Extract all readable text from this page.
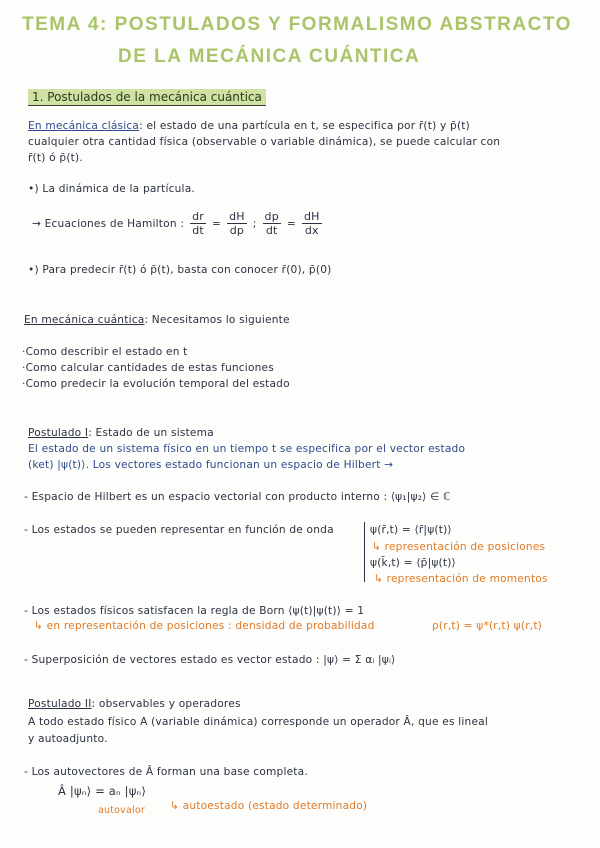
TEMA 4: POSTULADOS Y FORMALISMO ABSTRACTO
DE LA MECÁNICA CUÁNTICA
1. Postulados de la mecánica cuántica
En mecánica clásica: el estado de una partícula en t, se especifica por r̄(t) y p̄(t)
cualquier otra cantidad física (observable o variable dinámica), se puede calcular con
r̄(t) ó p̄(t).
•) La dinámica de la partícula.
→ Ecuaciones de Hamilton : $\frac{dr}{dt} = \frac{dH}{dp}$ ; $\frac{dp}{dt} = \frac{dH}{dx}$
•) Para predecir r̄(t) ó p̄(t), basta con conocer r̄(0), p̄(0)
En mecánica cuántica: Necesitamos lo siguiente
·Como describir el estado en t
·Como calcular cantidades de estas funciones
·Como predecir la evolución temporal del estado
Postulado I: Estado de un sistema
El estado de un sistema físico en un tiempo t se especifica por el vector estado
(ket) |ψ(t)⟩. Los vectores estado funcionan un espacio de Hilbert →
- Espacio de Hilbert es un espacio vectorial con producto interno : ⟨ψ₁|ψ₂⟩ ∈ ℂ
- Los estados se pueden representar en función de onda	ψ(r̄,t) = ⟨r̄|ψ(t)⟩
↳ representación de posiciones
ψ(k̄,t) = ⟨p̄|ψ(t)⟩
↳ representación de momentos
- Los estados físicos satisfacen la regla de Born ⟨ψ(t)|ψ(t)⟩ = 1
↳ en representación de posiciones : densidad de probabilidad	ρ(r,t) = ψ*(r,t) ψ(r,t)
- Superposición de vectores estado es vector estado : |ψ⟩ = Σ αᵢ |ψᵢ⟩
Postulado II: observables y operadores
A todo estado físico A (variable dinámica) corresponde un operador Â, que es lineal
y autoadjunto.
- Los autovectores de Â forman una base completa.
Â |ψₙ⟩ = aₙ |ψₙ⟩
autovalor ↳ autoestado (estado determinado)
